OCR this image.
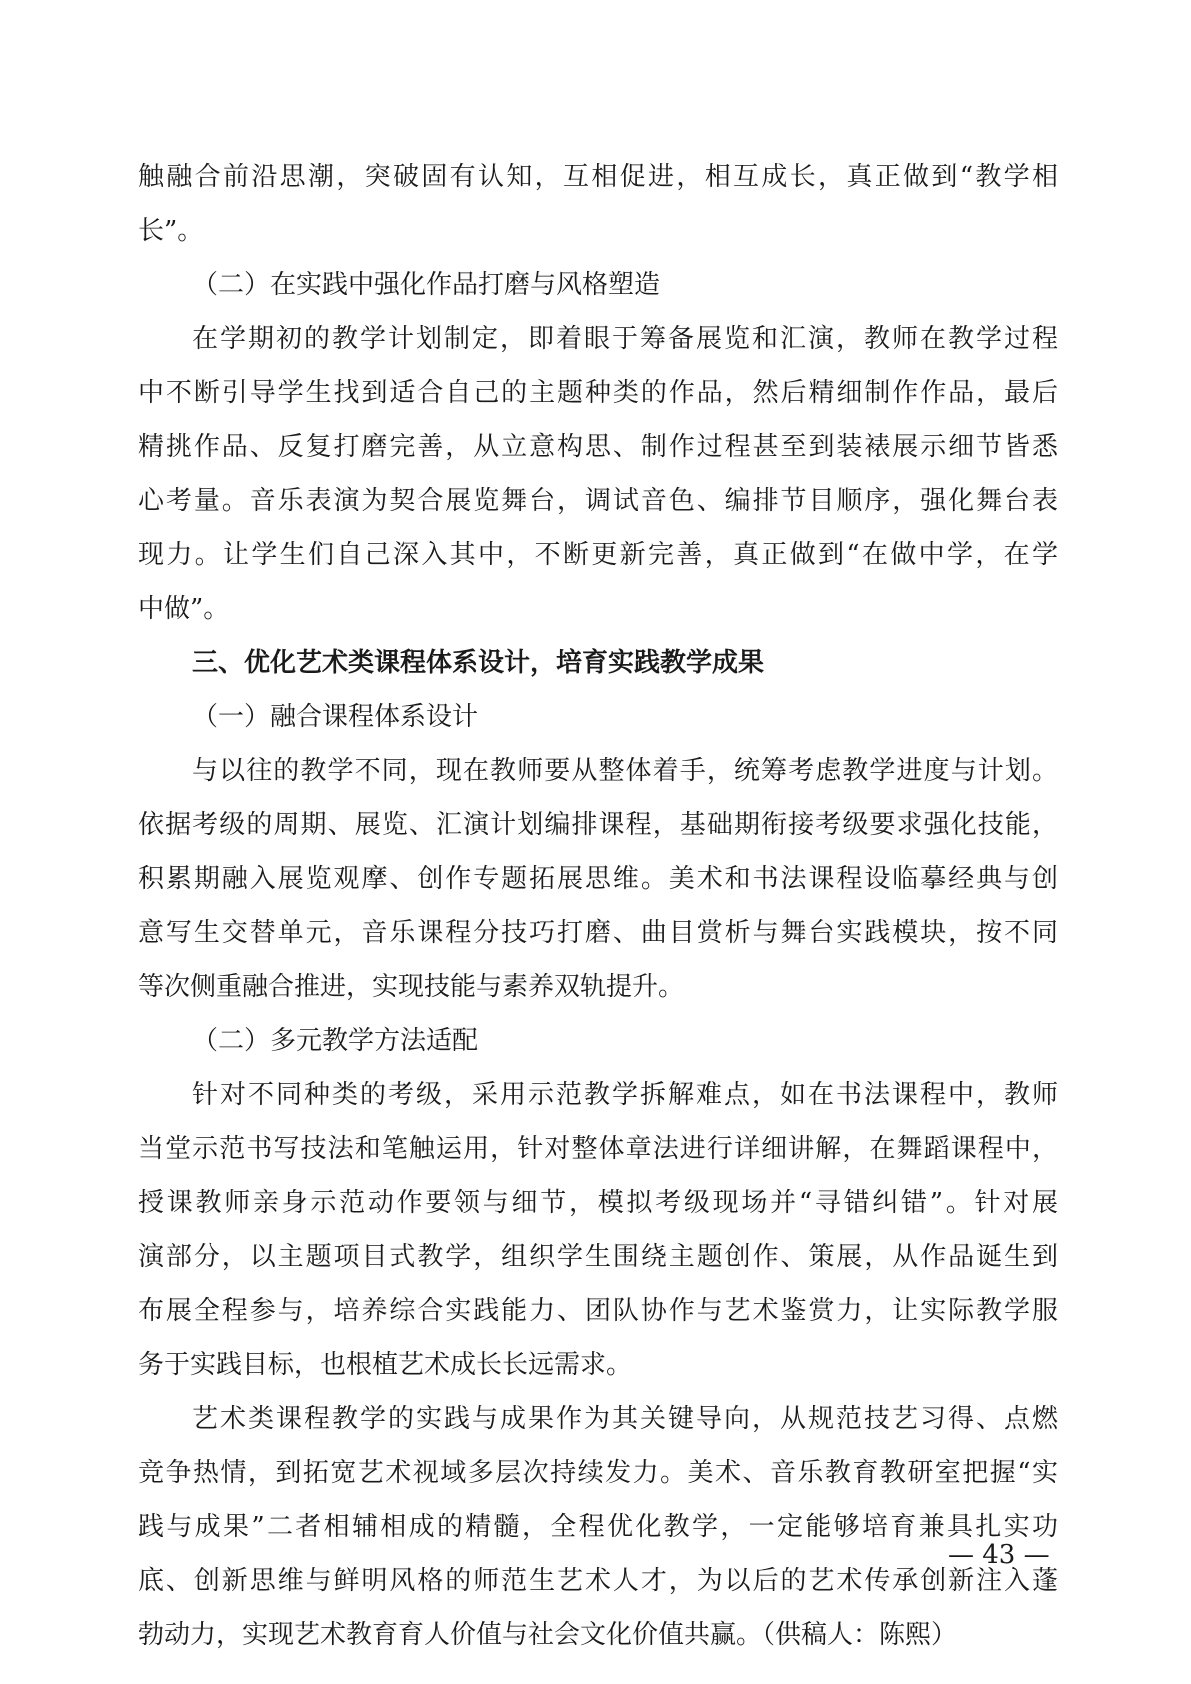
触融合前沿思潮，突破固有认知，互相促进，相互成长，真正做到“教学相
长”。
（二）在实践中强化作品打磨与风格塑造
在学期初的教学计划制定，即着眼于筹备展览和汇演，教师在教学过程
中不断引导学生找到适合自己的主题种类的作品，然后精细制作作品，最后
精挑作品、反复打磨完善，从立意构思、制作过程甚至到装裱展示细节皆悉
心考量。音乐表演为契合展览舞台，调试音色、编排节目顺序，强化舞台表
现力。让学生们自己深入其中，不断更新完善，真正做到“在做中学，在学
中做”。
三、优化艺术类课程体系设计，培育实践教学成果
（一）融合课程体系设计
与以往的教学不同，现在教师要从整体着手，统筹考虑教学进度与计划。
依据考级的周期、展览、汇演计划编排课程，基础期衔接考级要求强化技能，
积累期融入展览观摩、创作专题拓展思维。美术和书法课程设临摹经典与创
意写生交替单元，音乐课程分技巧打磨、曲目赏析与舞台实践模块，按不同
等次侧重融合推进，实现技能与素养双轨提升。
（二）多元教学方法适配
针对不同种类的考级，采用示范教学拆解难点，如在书法课程中，教师
当堂示范书写技法和笔触运用，针对整体章法进行详细讲解，在舞蹈课程中，
授课教师亲身示范动作要领与细节，模拟考级现场并“寻错纠错”。针对展
演部分，以主题项目式教学，组织学生围绕主题创作、策展，从作品诞生到
布展全程参与，培养综合实践能力、团队协作与艺术鉴赏力，让实际教学服
务于实践目标，也根植艺术成长长远需求。
艺术类课程教学的实践与成果作为其关键导向，从规范技艺习得、点燃
竞争热情，到拓宽艺术视域多层次持续发力。美术、音乐教育教研室把握“实
践与成果”二者相辅相成的精髓，全程优化教学，一定能够培育兼具扎实功
底、创新思维与鲜明风格的师范生艺术人才，为以后的艺术传承创新注入蓬
勃动力，实现艺术教育育人价值与社会文化价值共赢。（供稿人：陈熙）
— 43 —
